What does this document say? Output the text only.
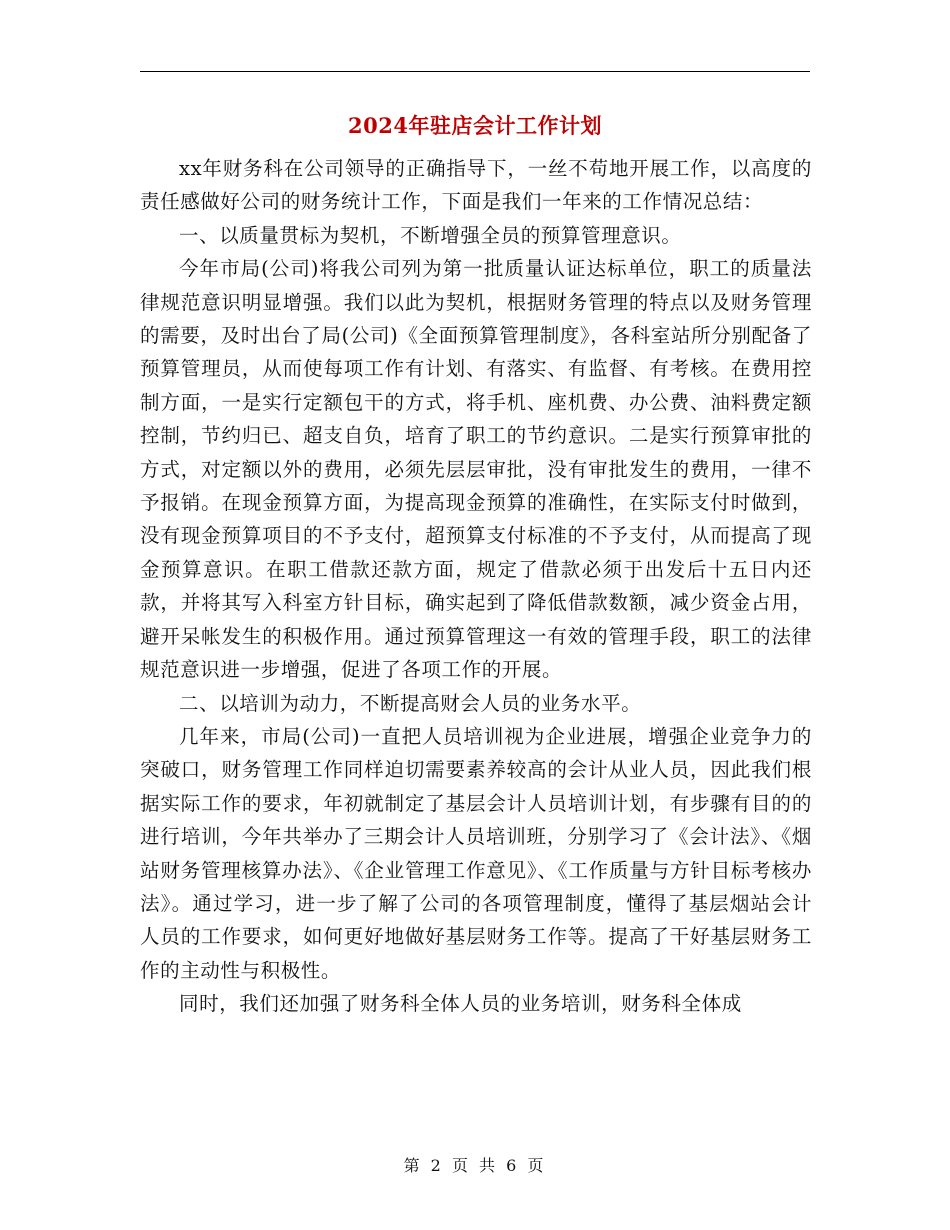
2024年驻店会计工作计划

xx年财务科在公司领导的正确指导下，一丝不苟地开展工作，以高度的责任感做好公司的财务统计工作，下面是我们一年来的工作情况总结：

一、以质量贯标为契机，不断增强全员的预算管理意识。

今年市局(公司)将我公司列为第一批质量认证达标单位，职工的质量法律规范意识明显增强。我们以此为契机，根据财务管理的特点以及财务管理的需要，及时出台了局(公司)《全面预算管理制度》，各科室站所分别配备了预算管理员，从而使每项工作有计划、有落实、有监督、有考核。在费用控制方面，一是实行定额包干的方式，将手机、座机费、办公费、油料费定额控制，节约归已、超支自负，培育了职工的节约意识。二是实行预算审批的方式，对定额以外的费用，必须先层层审批，没有审批发生的费用，一律不予报销。在现金预算方面，为提高现金预算的准确性，在实际支付时做到，没有现金预算项目的不予支付，超预算支付标准的不予支付，从而提高了现金预算意识。在职工借款还款方面，规定了借款必须于出发后十五日内还款，并将其写入科室方针目标，确实起到了降低借款数额，减少资金占用，避开呆帐发生的积极作用。通过预算管理这一有效的管理手段，职工的法律规范意识进一步增强，促进了各项工作的开展。

二、以培训为动力，不断提高财会人员的业务水平。

几年来，市局(公司)一直把人员培训视为企业进展，增强企业竞争力的突破口，财务管理工作同样迫切需要素养较高的会计从业人员，因此我们根据实际工作的要求，年初就制定了基层会计人员培训计划，有步骤有目的的进行培训，今年共举办了三期会计人员培训班，分别学习了《会计法》、《烟站财务管理核算办法》、《企业管理工作意见》、《工作质量与方针目标考核办法》。通过学习，进一步了解了公司的各项管理制度，懂得了基层烟站会计人员的工作要求，如何更好地做好基层财务工作等。提高了干好基层财务工作的主动性与积极性。

同时，我们还加强了财务科全体人员的业务培训，财务科全体成

第 2 页 共 6 页
